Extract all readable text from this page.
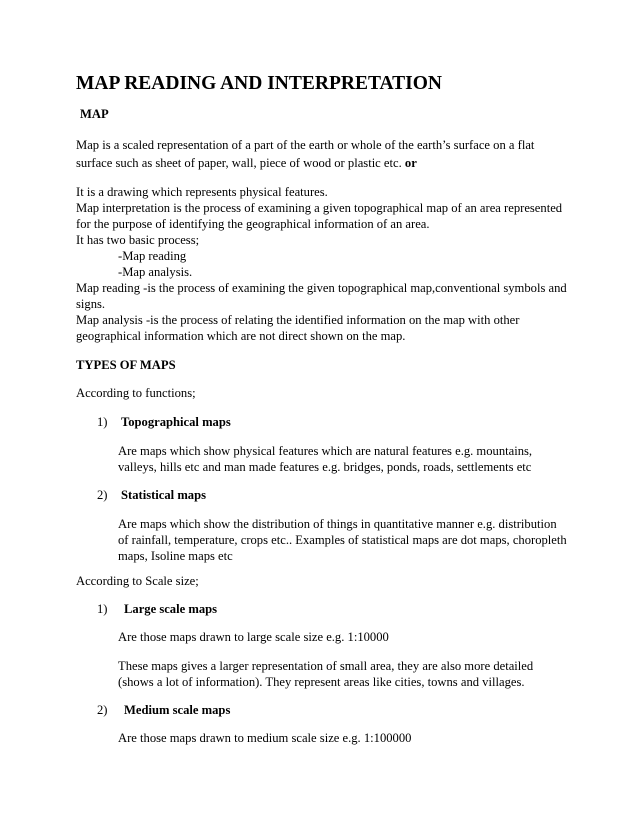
MAP READING AND INTERPRETATION
MAP
Map is a scaled representation of a part of the earth or whole of the earth’s surface on a flat
surface such as sheet of paper, wall, piece of wood or plastic etc. or
It is a drawing which represents physical features.
Map interpretation is the process of examining a given topographical map of an area represented
for the purpose of identifying the geographical information of an area.
It has two basic process;
-Map reading
-Map analysis.
Map reading -is the process of examining the given topographical map,conventional symbols and
signs.
Map analysis -is the process of relating the identified information on the map with other
geographical information which are not direct shown on the map.
TYPES OF MAPS
According to functions;
1) Topographical maps
Are maps which show physical features which are natural features e.g. mountains,
valleys, hills etc and man made features e.g. bridges, ponds, roads, settlements etc
2) Statistical maps
Are maps which show the distribution of things in quantitative manner e.g. distribution
of rainfall, temperature, crops etc.. Examples of statistical maps are dot maps, choropleth
maps, Isoline maps etc
According to Scale size;
1) Large scale maps
Are those maps drawn to large scale size e.g. 1:10000
These maps gives a larger representation of small area, they are also more detailed
(shows a lot of information). They represent areas like cities, towns and villages.
2) Medium scale maps
Are those maps drawn to medium scale size e.g. 1:100000
